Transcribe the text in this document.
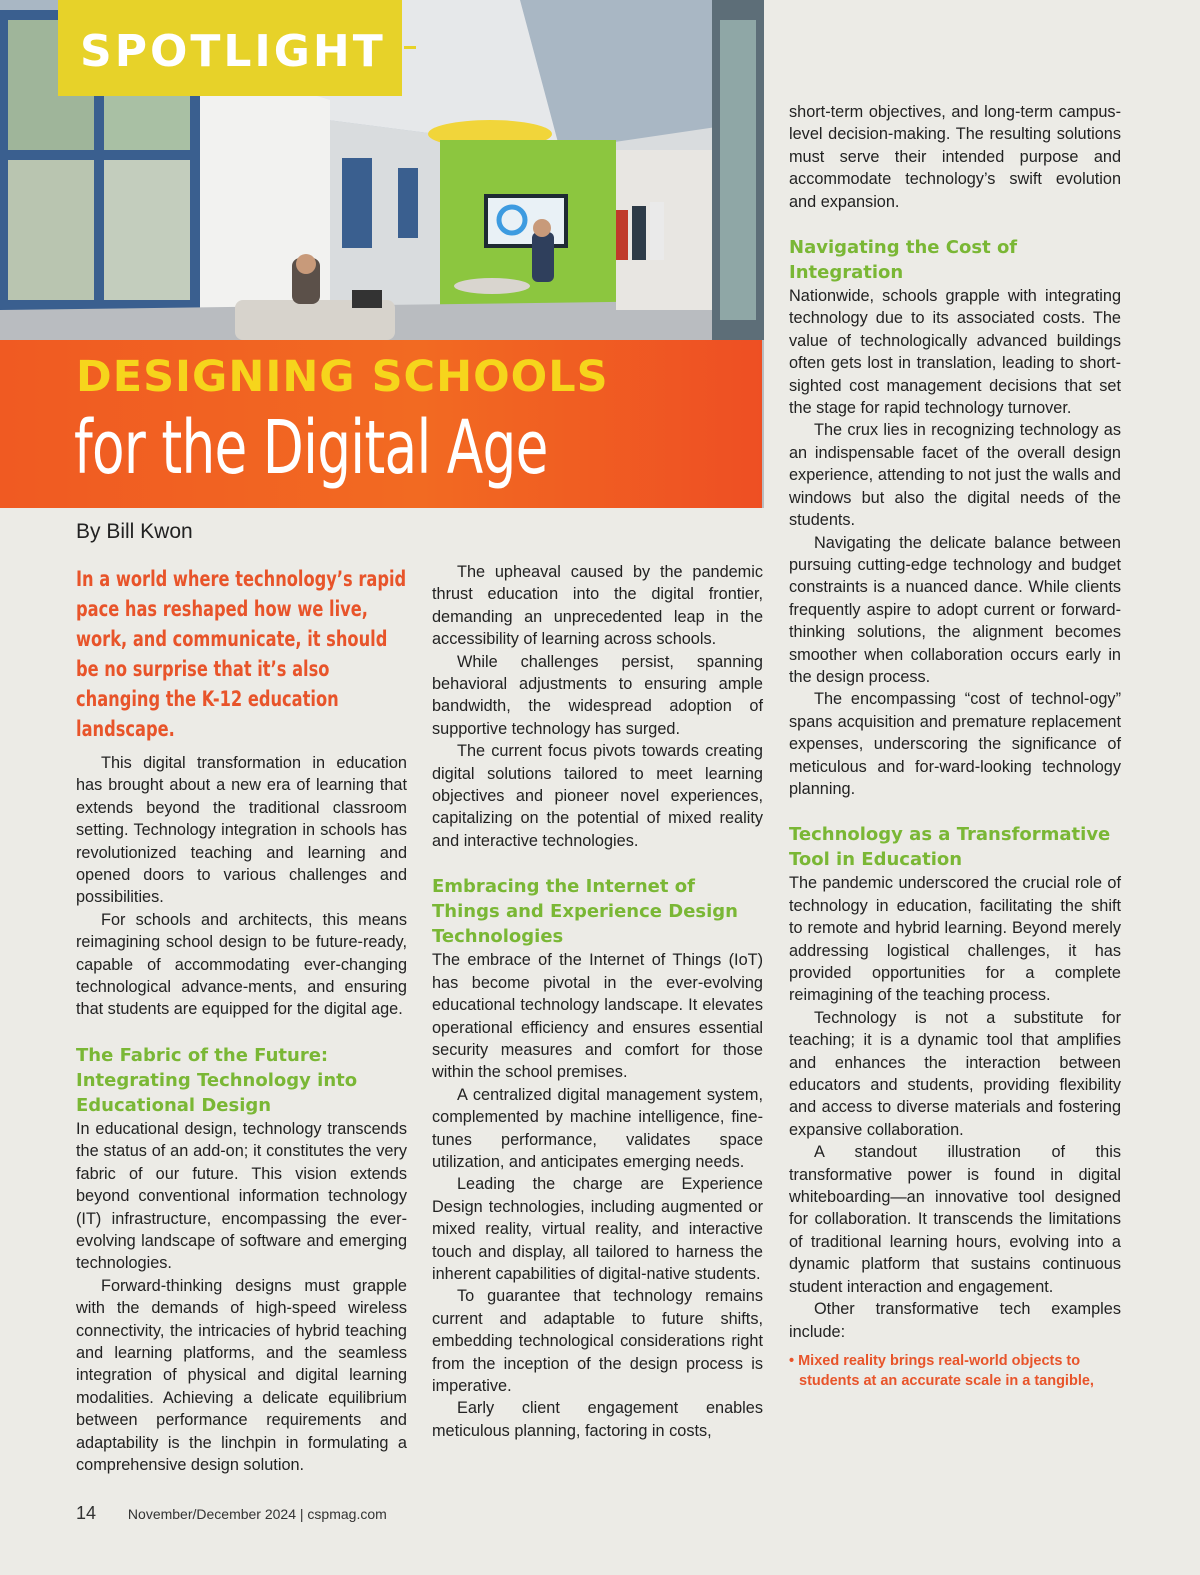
SPOTLIGHT
DESIGNING SCHOOLS
for the Digital Age
By Bill Kwon
In a world where technology’s rapid pace has reshaped how we live, work, and communicate, it should be no surprise that it’s also changing the K-12 education landscape.

This digital transformation in education has brought about a new era of learning that extends beyond the traditional classroom setting. Technology integration in schools has revolutionized teaching and learning and opened doors to various challenges and possibilities.

For schools and architects, this means reimagining school design to be future-ready, capable of accommodating ever-changing technological advance-ments, and ensuring that students are equipped for the digital age.

The Fabric of the Future: Integrating Technology into Educational Design

In educational design, technology transcends the status of an add-on; it constitutes the very fabric of our future. This vision extends beyond conventional information technology (IT) infrastructure, encompassing the ever-evolving landscape of software and emerging technologies.

Forward-thinking designs must grapple with the demands of high-speed wireless connectivity, the intricacies of hybrid teaching and learning platforms, and the seamless integration of physical and digital learning modalities. Achieving a delicate equilibrium between performance requirements and adaptability is the linchpin in formulating a comprehensive design solution.

The upheaval caused by the pandemic thrust education into the digital frontier, demanding an unprecedented leap in the accessibility of learning across schools.

While challenges persist, spanning behavioral adjustments to ensuring ample bandwidth, the widespread adoption of supportive technology has surged.

The current focus pivots towards creating digital solutions tailored to meet learning objectives and pioneer novel experiences, capitalizing on the potential of mixed reality and interactive technologies.

Embracing the Internet of Things and Experience Design Technologies

The embrace of the Internet of Things (IoT) has become pivotal in the ever-evolving educational technology landscape. It elevates operational efficiency and ensures essential security measures and comfort for those within the school premises.

A centralized digital management system, complemented by machine intelligence, fine-tunes performance, validates space utilization, and anticipates emerging needs.

Leading the charge are Experience Design technologies, including augmented or mixed reality, virtual reality, and interactive touch and display, all tailored to harness the inherent capabilities of digital-native students.

To guarantee that technology remains current and adaptable to future shifts, embedding technological considerations right from the inception of the design process is imperative.

Early client engagement enables meticulous planning, factoring in costs,

short-term objectives, and long-term campus-level decision-making. The resulting solutions must serve their intended purpose and accommodate technology’s swift evolution and expansion.

Navigating the Cost of Integration

Nationwide, schools grapple with integrating technology due to its associated costs. The value of technologically advanced buildings often gets lost in translation, leading to short-sighted cost management decisions that set the stage for rapid technology turnover.

The crux lies in recognizing technology as an indispensable facet of the overall design experience, attending to not just the walls and windows but also the digital needs of the students.

Navigating the delicate balance between pursuing cutting-edge technology and budget constraints is a nuanced dance. While clients frequently aspire to adopt current or forward-thinking solutions, the alignment becomes smoother when collaboration occurs early in the design process.

The encompassing “cost of technol-ogy” spans acquisition and premature replacement expenses, underscoring the significance of meticulous and for-ward-looking technology planning.

Technology as a Transformative Tool in Education

The pandemic underscored the crucial role of technology in education, facilitating the shift to remote and hybrid learning. Beyond merely addressing logistical challenges, it has provided opportunities for a complete reimagining of the teaching process.

Technology is not a substitute for teaching; it is a dynamic tool that amplifies and enhances the interaction between educators and students, providing flexibility and access to diverse materials and fostering expansive collaboration.

A standout illustration of this transformative power is found in digital whiteboarding—an innovative tool designed for collaboration. It transcends the limitations of traditional learning hours, evolving into a dynamic platform that sustains continuous student interaction and engagement.

Other transformative tech examples include:

• Mixed reality brings real-world objects to students at an accurate scale in a tangible,
14 November/December 2024 | cspmag.com
